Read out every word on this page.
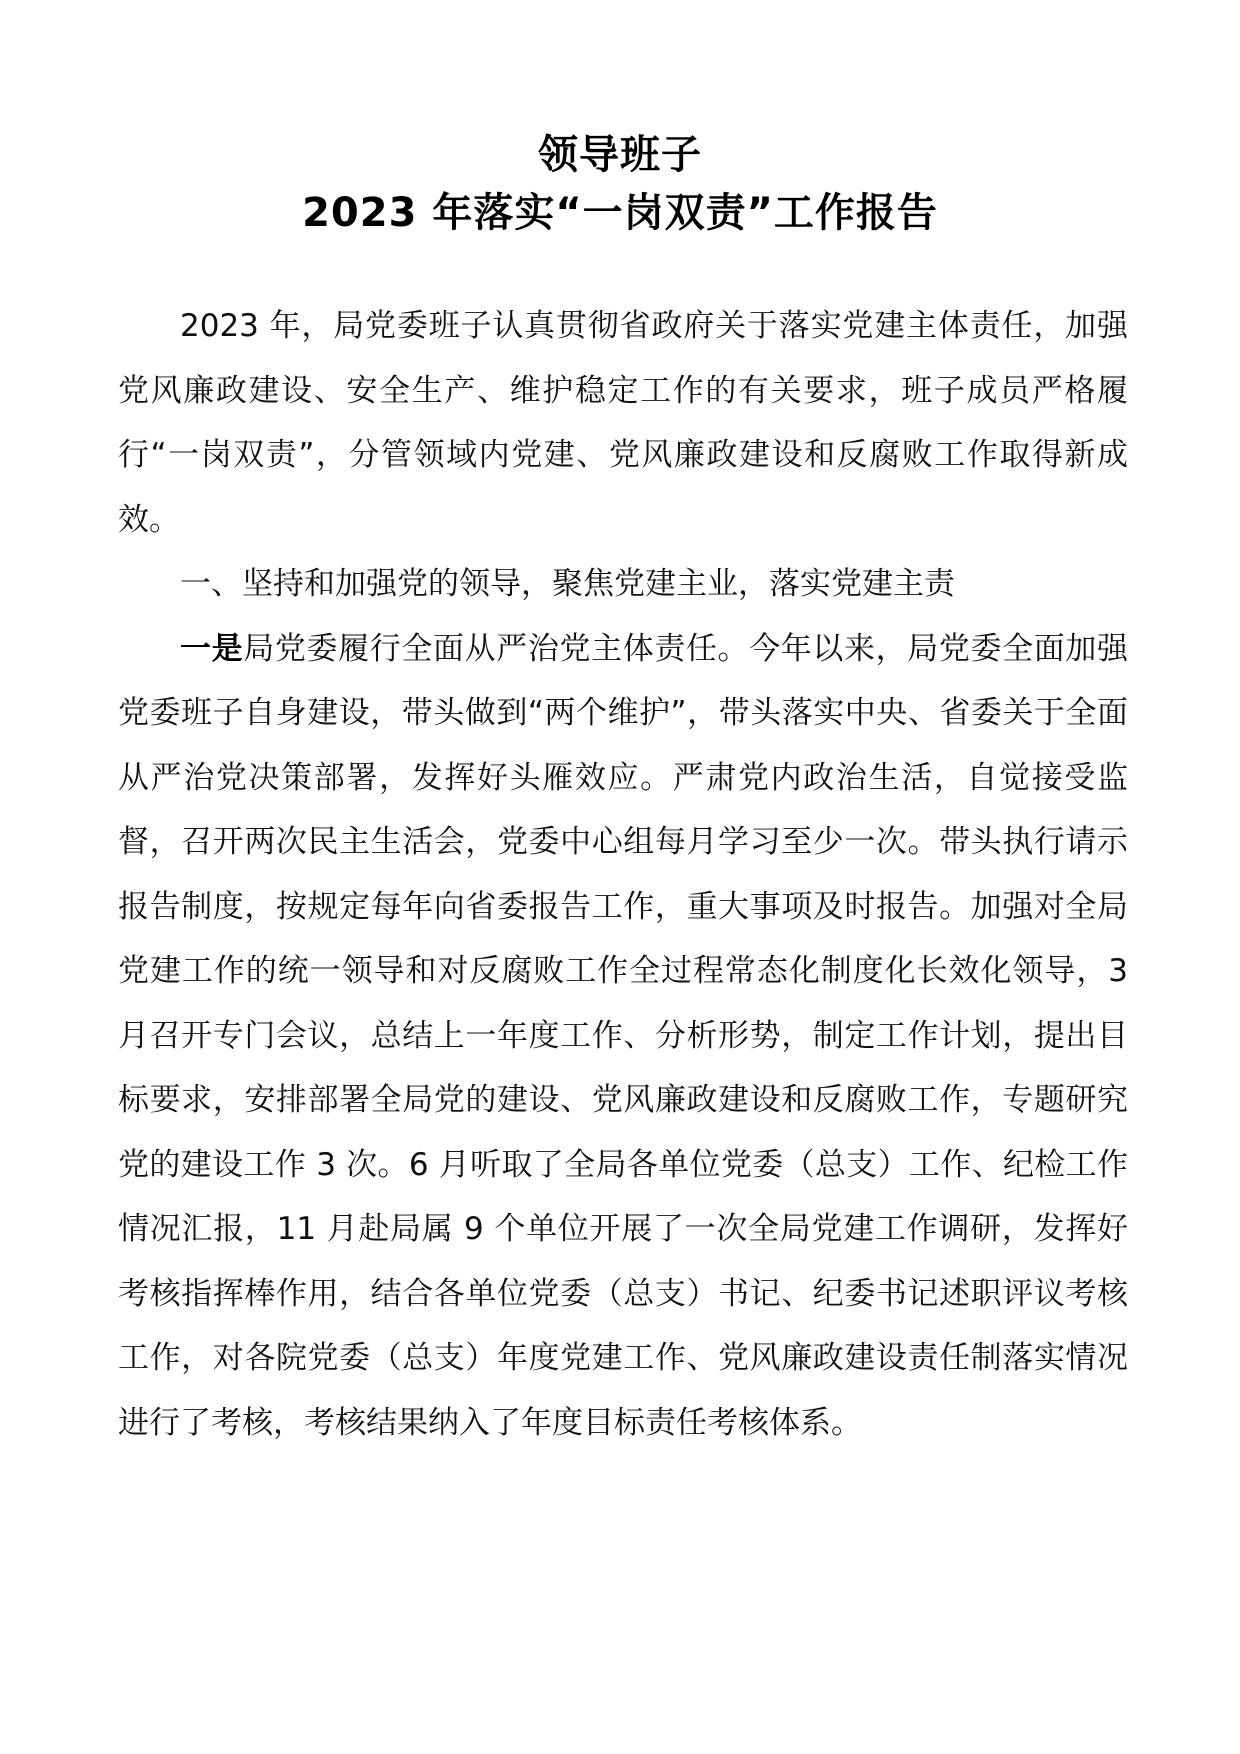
领导班子
2023 年落实“一岗双责”工作报告

2023 年，局党委班子认真贯彻省政府关于落实党建主体责任，加强党风廉政建设、安全生产、维护稳定工作的有关要求，班子成员严格履行“一岗双责”，分管领域内党建、党风廉政建设和反腐败工作取得新成效。

一、坚持和加强党的领导，聚焦党建主业，落实党建主责

一是局党委履行全面从严治党主体责任。今年以来，局党委全面加强党委班子自身建设，带头做到“两个维护”，带头落实中央、省委关于全面从严治党决策部署，发挥好头雁效应。严肃党内政治生活，自觉接受监督，召开两次民主生活会，党委中心组每月学习至少一次。带头执行请示报告制度，按规定每年向省委报告工作，重大事项及时报告。加强对全局党建工作的统一领导和对反腐败工作全过程常态化制度化长效化领导，3 月召开专门会议，总结上一年度工作、分析形势，制定工作计划，提出目标要求，安排部署全局党的建设、党风廉政建设和反腐败工作，专题研究党的建设工作 3 次。6 月听取了全局各单位党委（总支）工作、纪检工作情况汇报，11 月赴局属 9 个单位开展了一次全局党建工作调研，发挥好考核指挥棒作用，结合各单位党委（总支）书记、纪委书记述职评议考核工作，对各院党委（总支）年度党建工作、党风廉政建设责任制落实情况进行了考核，考核结果纳入了年度目标责任考核体系。
